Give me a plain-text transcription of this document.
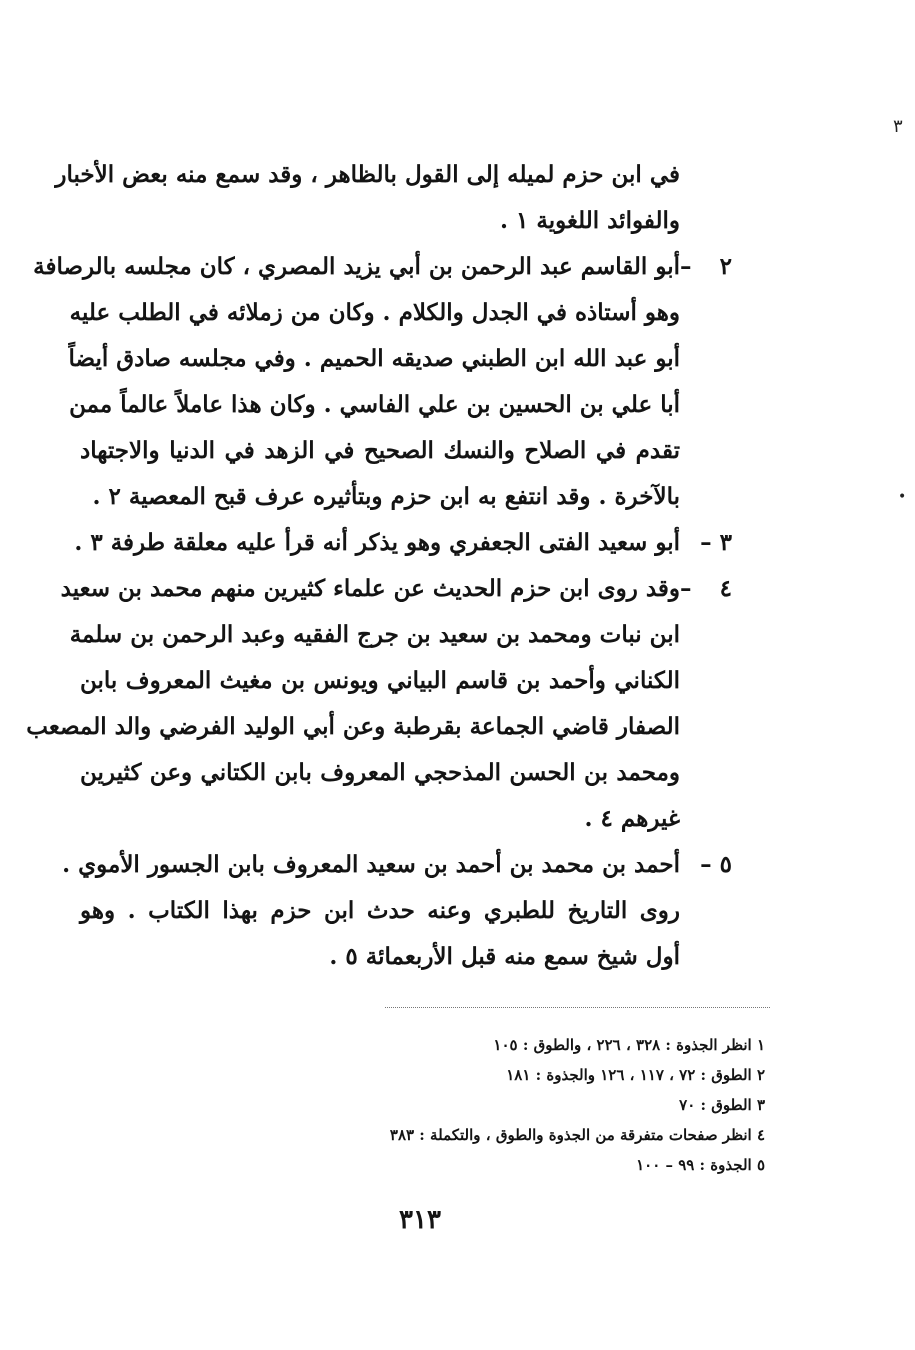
٣
•
في ابن حزم لميله إلى القول بالظاهر ، وقد سمع منه بعض الأخبار
والفوائد اللغوية ١ .
٢ –
أبو القاسم عبد الرحمن بن أبي يزيد المصري ، كان مجلسه بالرصافة
وهو أستاذه في الجدل والكلام . وكان من زملائه في الطلب عليه
أبو عبد الله ابن الطبني صديقه الحميم . وفي مجلسه صادق أيضاً
أبا علي بن الحسين بن علي الفاسي . وكان هذا عاملاً عالماً ممن
تقدم في الصلاح والنسك الصحيح في الزهد في الدنيا والاجتهاد
بالآخرة . وقد انتفع به ابن حزم وبتأثيره عرف قبح المعصية ٢ .
٣ –
أبو سعيد الفتى الجعفري وهو يذكر أنه قرأ عليه معلقة طرفة ٣ .
٤ –
وقد روى ابن حزم الحديث عن علماء كثيرين منهم محمد بن سعيد
ابن نبات ومحمد بن سعيد بن جرج الفقيه وعبد الرحمن بن سلمة
الكناني وأحمد بن قاسم البياني ويونس بن مغيث المعروف بابن
الصفار قاضي الجماعة بقرطبة وعن أبي الوليد الفرضي والد المصعب
ومحمد بن الحسن المذحجي المعروف بابن الكتاني وعن كثيرين
غيرهم ٤ .
٥ –
أحمد بن محمد بن أحمد بن سعيد المعروف بابن الجسور الأموي .
روى التاريخ للطبري وعنه حدث ابن حزم بهذا الكتاب . وهو
أول شيخ سمع منه قبل الأربعمائة ٥ .
١ انظر الجذوة : ٣٢٨ ، ٢٢٦ ، والطوق : ١٠٥
٢ الطوق : ٧٢ ، ١١٧ ، ١٢٦ والجذوة : ١٨١
٣ الطوق : ٧٠
٤ انظر صفحات متفرقة من الجذوة والطوق ، والتكملة : ٣٨٣
٥ الجذوة : ٩٩ – ١٠٠
٣١٣
